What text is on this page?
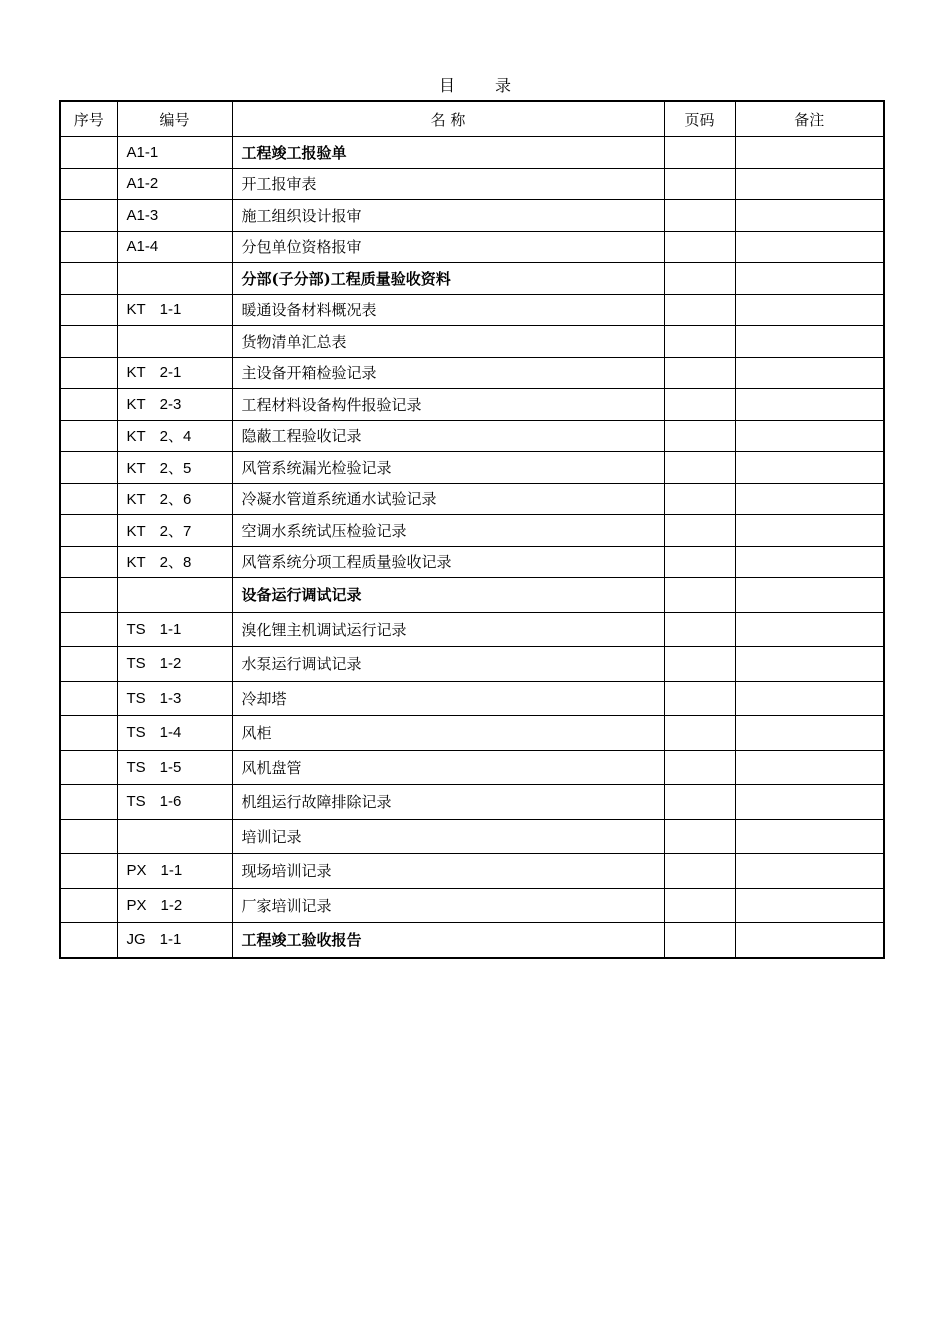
目	录
序号	编号	名 称	页码	备注
	A1-1	工程竣工报验单		
	A1-2	开工报审表		
	A1-3	施工组织设计报审		
	A1-4	分包单位资格报审		
		分部(子分部)工程质量验收资料		
	KT 1-1	暖通设备材料概况表		
		货物清单汇总表		
	KT 2-1	主设备开箱检验记录		
	KT 2-3	工程材料设备构件报验记录		
	KT 2、4	隐蔽工程验收记录		
	KT 2、5	风管系统漏光检验记录		
	KT 2、6	冷凝水管道系统通水试验记录		
	KT 2、7	空调水系统试压检验记录		
	KT 2、8	风管系统分项工程质量验收记录		
		设备运行调试记录		
	TS 1-1	溴化锂主机调试运行记录		
	TS 1-2	水泵运行调试记录		
	TS 1-3	冷却塔		
	TS 1-4	风柜		
	TS 1-5	风机盘管		
	TS 1-6	机组运行故障排除记录		
		培训记录		
	PX 1-1	现场培训记录		
	PX 1-2	厂家培训记录		
	JG 1-1	工程竣工验收报告		
